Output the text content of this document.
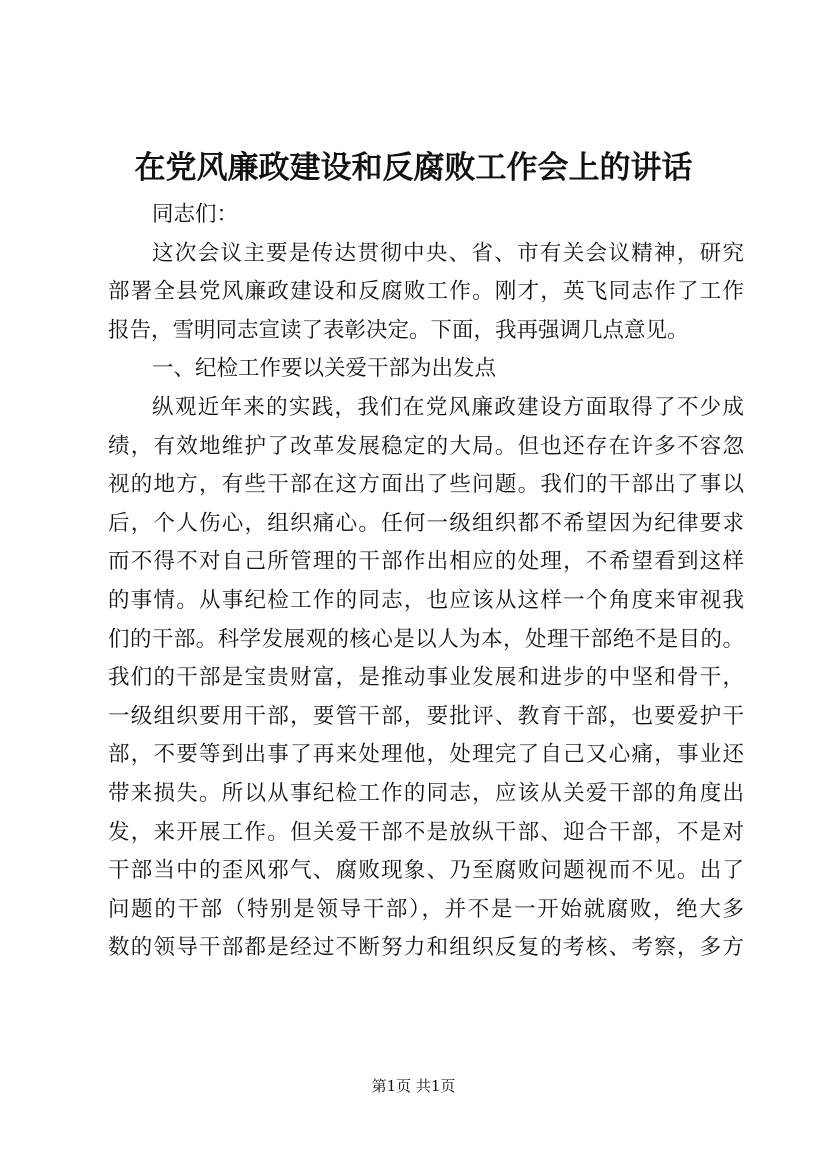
在党风廉政建设和反腐败工作会上的讲话
同志们：
这次会议主要是传达贯彻中央、省、市有关会议精神，研究
部署全县党风廉政建设和反腐败工作。刚才，英飞同志作了工作
报告，雪明同志宣读了表彰决定。下面，我再强调几点意见。
一、纪检工作要以关爱干部为出发点
纵观近年来的实践，我们在党风廉政建设方面取得了不少成
绩，有效地维护了改革发展稳定的大局。但也还存在许多不容忽
视的地方，有些干部在这方面出了些问题。我们的干部出了事以
后，个人伤心，组织痛心。任何一级组织都不希望因为纪律要求
而不得不对自己所管理的干部作出相应的处理，不希望看到这样
的事情。从事纪检工作的同志，也应该从这样一个角度来审视我
们的干部。科学发展观的核心是以人为本，处理干部绝不是目的。
我们的干部是宝贵财富，是推动事业发展和进步的中坚和骨干，
一级组织要用干部，要管干部，要批评、教育干部，也要爱护干
部，不要等到出事了再来处理他，处理完了自己又心痛，事业还
带来损失。所以从事纪检工作的同志，应该从关爱干部的角度出
发，来开展工作。但关爱干部不是放纵干部、迎合干部，不是对
干部当中的歪风邪气、腐败现象、乃至腐败问题视而不见。出了
问题的干部（特别是领导干部），并不是一开始就腐败，绝大多
数的领导干部都是经过不断努力和组织反复的考核、考察，多方
第1页 共1页
